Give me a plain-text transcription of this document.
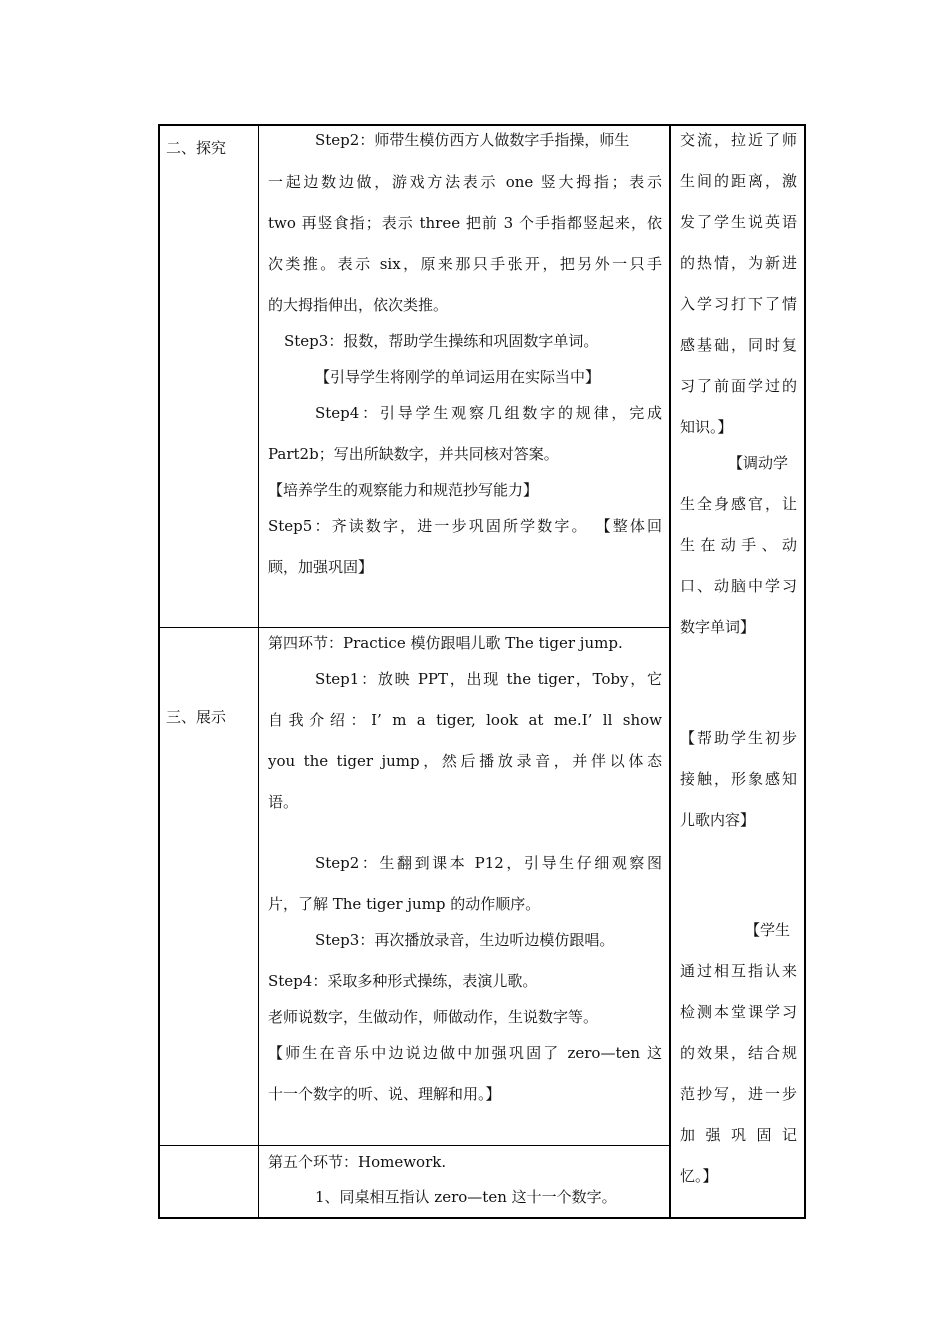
二、探究
三、展示
Step2：师带生模仿西方人做数字手指操，师生
一起边数边做，游戏方法表示 one 竖大拇指；表示
two 再竖食指；表示 three 把前 3 个手指都竖起来，依
次类推。表示 six，原来那只手张开，把另外一只手
的大拇指伸出，依次类推。
Step3：报数，帮助学生操练和巩固数字单词。
【引导学生将刚学的单词运用在实际当中】
Step4：引导学生观察几组数字的规律，完成
Part2b；写出所缺数字，并共同核对答案。
【培养学生的观察能力和规范抄写能力】
Step5：齐读数字，进一步巩固所学数字。 【整体回
顾，加强巩固】
第四环节：Practice 模仿跟唱儿歌 The tiger jump.
Step1：放映 PPT，出现 the tiger，Toby，它
自我介绍：I’ m a tiger, look at me.I’ ll show
you the tiger jump，然后播放录音，并伴以体态
语。
Step2：生翻到课本 P12，引导生仔细观察图
片，了解 The tiger jump 的动作顺序。
Step3：再次播放录音，生边听边模仿跟唱。
Step4：采取多种形式操练，表演儿歌。
老师说数字，生做动作，师做动作，生说数字等。
【师生在音乐中边说边做中加强巩固了 zero—ten 这
十一个数字的听、说、理解和用。】
第五个环节：Homework.
1、同桌相互指认 zero—ten 这十一个数字。
交流，拉近了师
生间的距离，激
发了学生说英语
的热情，为新进
入学习打下了情
感基础，同时复
习了前面学过的
知识。】
【调动学
生全身感官，让
生在动手、动
口、动脑中学习
数字单词】
【帮助学生初步
接触，形象感知
儿歌内容】
【学生
通过相互指认来
检测本堂课学习
的效果，结合规
范抄写，进一步
加强巩固记
忆。】
